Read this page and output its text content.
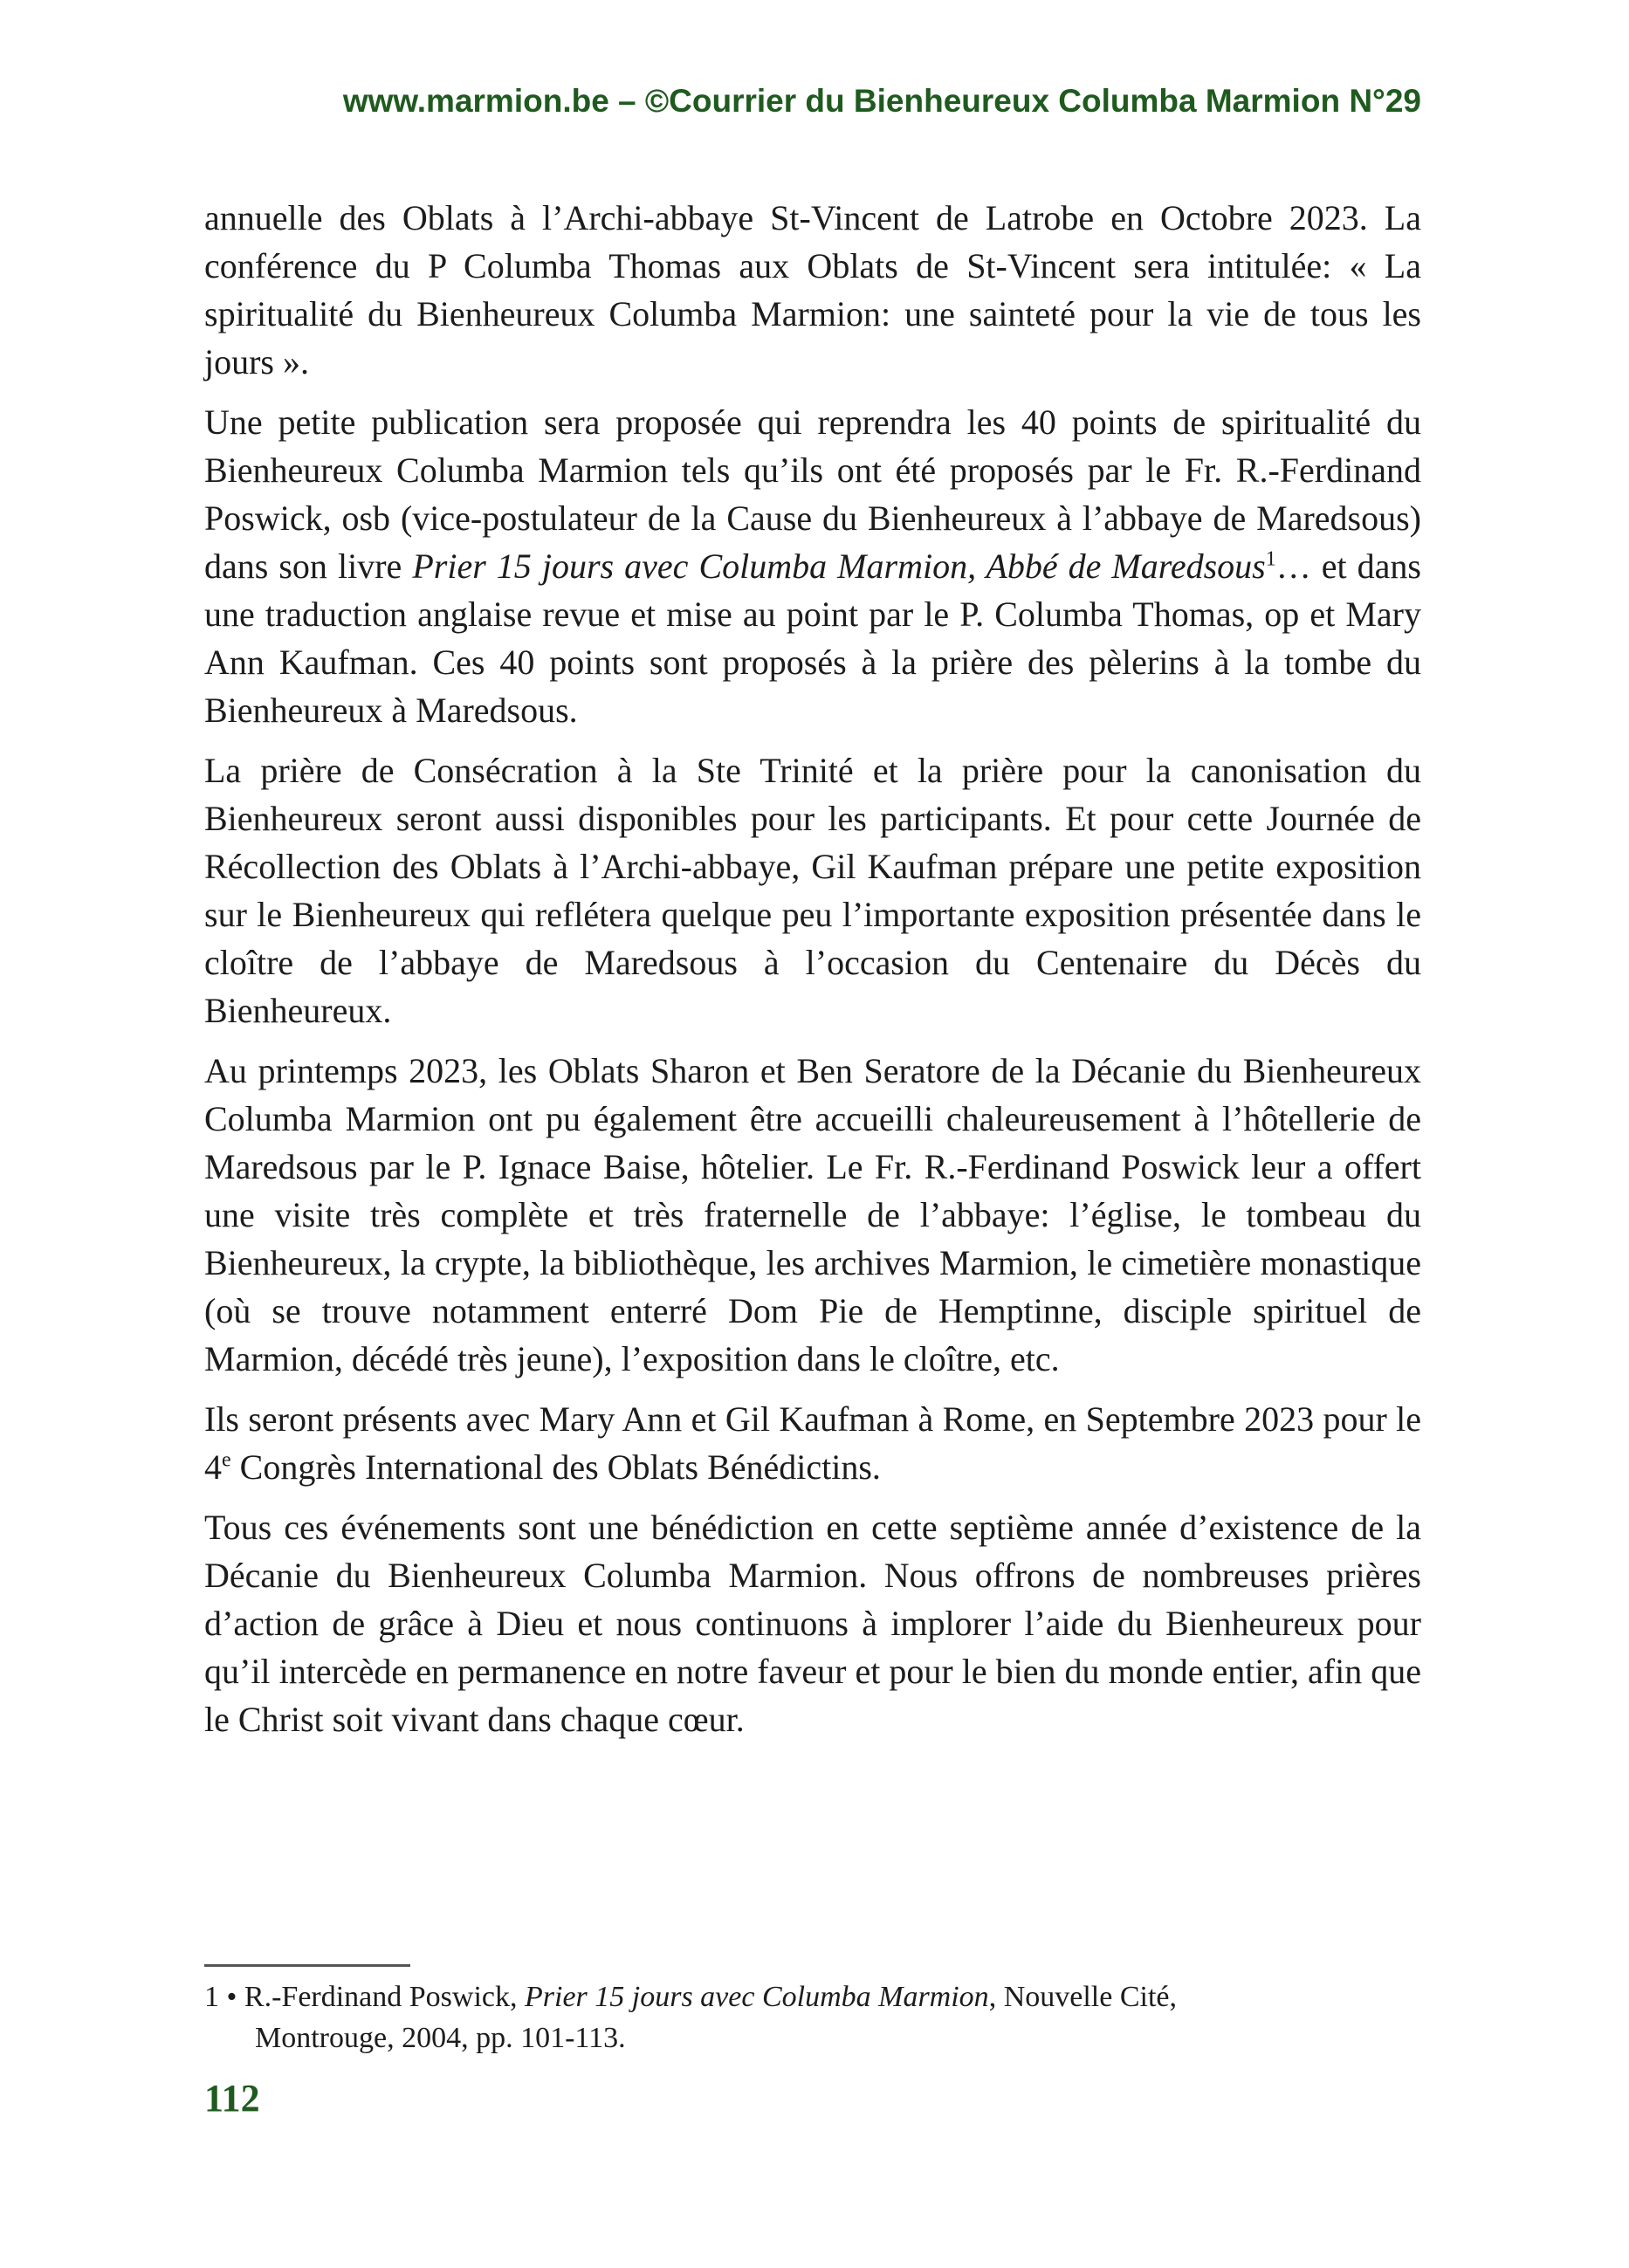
www.marmion.be – ©Courrier du Bienheureux Columba Marmion N°29

annuelle des Oblats à l’Archi-abbaye St-Vincent de Latrobe en Octobre 2023. La conférence du P Columba Thomas aux Oblats de St-Vincent sera intitulée: « La spiritualité du Bienheureux Columba Marmion: une sainteté pour la vie de tous les jours ».

Une petite publication sera proposée qui reprendra les 40 points de spiritualité du Bienheureux Columba Marmion tels qu’ils ont été proposés par le Fr. R.-Ferdinand Poswick, osb (vice-postulateur de la Cause du Bienheureux à l’abbaye de Maredsous) dans son livre Prier 15 jours avec Columba Marmion, Abbé de Maredsous$^1$… et dans une traduction anglaise revue et mise au point par le P. Columba Thomas, op et Mary Ann Kaufman. Ces 40 points sont proposés à la prière des pèlerins à la tombe du Bienheureux à Maredsous.

La prière de Consécration à la Ste Trinité et la prière pour la canonisation du Bienheureux seront aussi disponibles pour les participants. Et pour cette Journée de Récollection des Oblats à l’Archi-abbaye, Gil Kaufman prépare une petite exposition sur le Bienheureux qui reflétera quelque peu l’importante exposition présentée dans le cloître de l’abbaye de Maredsous à l’occasion du Centenaire du Décès du Bienheureux.

Au printemps 2023, les Oblats Sharon et Ben Seratore de la Décanie du Bienheureux Columba Marmion ont pu également être accueilli chaleureusement à l’hôtellerie de Maredsous par le P. Ignace Baise, hôtelier. Le Fr. R.-Ferdinand Poswick leur a offert une visite très complète et très fraternelle de l’abbaye: l’église, le tombeau du Bienheureux, la crypte, la bibliothèque, les archives Marmion, le cimetière monastique (où se trouve notamment enterré Dom Pie de Hemptinne, disciple spirituel de Marmion, décédé très jeune), l’exposition dans le cloître, etc.

Ils seront présents avec Mary Ann et Gil Kaufman à Rome, en Septembre 2023 pour le 4e Congrès International des Oblats Bénédictins.

Tous ces événements sont une bénédiction en cette septième année d’existence de la Décanie du Bienheureux Columba Marmion. Nous offrons de nombreuses prières d’action de grâce à Dieu et nous continuons à implorer l’aide du Bienheureux pour qu’il intercède en permanence en notre faveur et pour le bien du monde entier, afin que le Christ soit vivant dans chaque cœur.

1 • R.-Ferdinand Poswick, Prier 15 jours avec Columba Marmion, Nouvelle Cité,
Montrouge, 2004, pp. 101-113.
112
